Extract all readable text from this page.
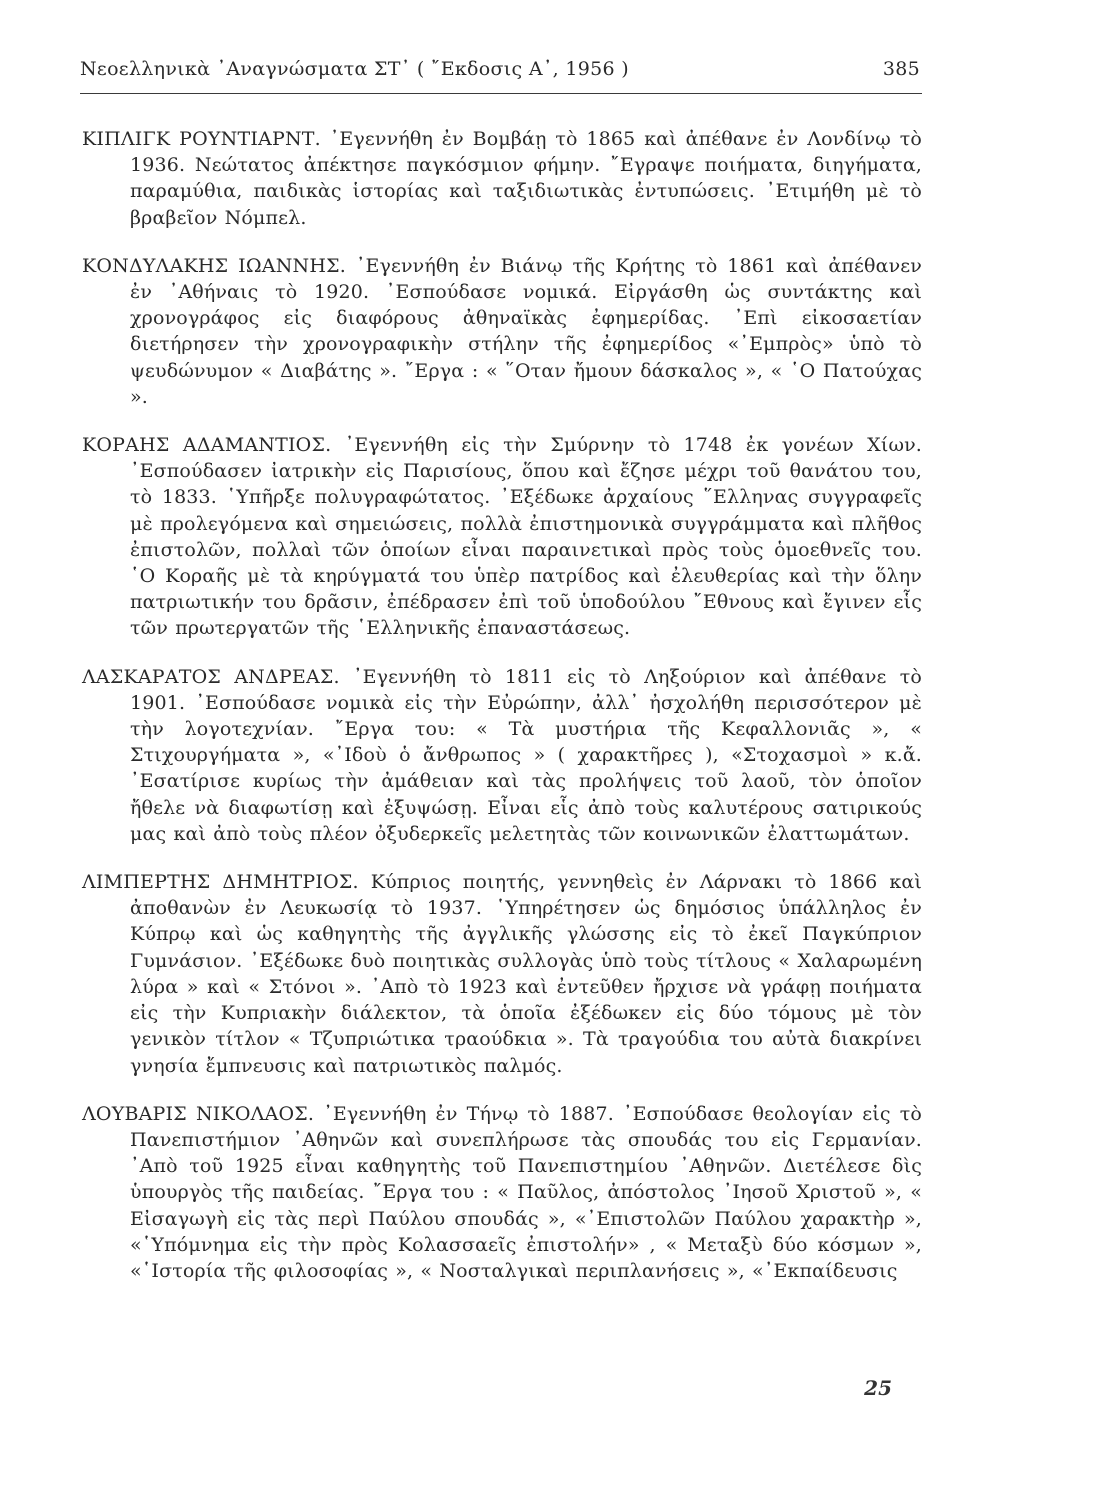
Νεοελληνικὰ ᾿Αναγνώσματα ΣΤ᾿ ( ῎Εκδοσις Α᾿, 1956 )	385

ΚΙΠΛΙΓΚ ΡΟΥΝΤΙΑΡΝΤ. ᾿Εγεννήθη ἐν Βομβάῃ τὸ 1865 καὶ ἀπέθανε ἐν Λονδίνῳ τὸ 1936. Νεώτατος ἀπέκτησε παγκόσμιον φήμην. ῎Εγραψε ποιήματα, διηγήματα, παραμύθια, παιδικὰς ἱστορίας καὶ ταξιδιωτικὰς ἐντυπώσεις. ᾿Ετιμήθη μὲ τὸ βραβεῖον Νόμπελ.

ΚΟΝΔΥΛΑΚΗΣ ΙΩΑΝΝΗΣ. ᾿Εγεννήθη ἐν Βιάνῳ τῆς Κρήτης τὸ 1861 καὶ ἀπέθανεν ἐν ᾿Αθήναις τὸ 1920. ᾿Εσπούδασε νομικά. Εἰργάσθη ὡς συντάκτης καὶ χρονογράφος εἰς διαφόρους ἀθηναϊκὰς ἐφημερίδας. ᾿Επὶ εἰκοσαετίαν διετήρησεν τὴν χρονογραφικὴν στήλην τῆς ἐφημερίδος «᾿Εμπρὸς» ὑπὸ τὸ ψευδώνυμον « Διαβάτης ». ῎Εργα : « ῞Οταν ἤμουν δάσκαλος », « ῾Ο Πατούχας ».

ΚΟΡΑΗΣ ΑΔΑΜΑΝΤΙΟΣ. ᾿Εγεννήθη εἰς τὴν Σμύρνην τὸ 1748 ἐκ γονέων Χίων. ᾿Εσπούδασεν ἰατρικὴν εἰς Παρισίους, ὅπου καὶ ἔζησε μέχρι τοῦ θανάτου του, τὸ 1833. ῾Υπῆρξε πολυγραφώτατος. ᾿Εξέδωκε ἀρχαίους ῞Ελληνας συγγραφεῖς μὲ προλεγόμενα καὶ σημειώσεις, πολλὰ ἐπιστημονικὰ συγγράμματα καὶ πλῆθος ἐπιστολῶν, πολλαὶ τῶν ὁποίων εἶναι παραινετικαὶ πρὸς τοὺς ὁμοεθνεῖς του. ῾Ο Κοραῆς μὲ τὰ κηρύγματά του ὑπὲρ πατρίδος καὶ ἐλευθερίας καὶ τὴν ὅλην πατριωτικήν του δρᾶσιν, ἐπέδρασεν ἐπὶ τοῦ ὑποδούλου ῎Εθνους καὶ ἔγινεν εἷς τῶν πρωτεργατῶν τῆς ῾Ελληνικῆς ἐπαναστάσεως.

ΛΑΣΚΑΡΑΤΟΣ ΑΝΔΡΕΑΣ. ᾿Εγεννήθη τὸ 1811 εἰς τὸ Ληξούριον καὶ ἀπέθανε τὸ 1901. ᾿Εσπούδασε νομικὰ εἰς τὴν Εὐρώπην, ἀλλ᾿ ἠσχολήθη περισσότερον μὲ τὴν λογοτεχνίαν. ῎Εργα του: « Τὰ μυστήρια τῆς Κεφαλλονιᾶς », « Στιχουργήματα », «᾿Ιδοὺ ὁ ἄνθρωπος » ( χαρακτῆρες ), «Στοχασμοὶ » κ.ἄ. ᾿Εσατίρισε κυρίως τὴν ἀμάθειαν καὶ τὰς προλήψεις τοῦ λαοῦ, τὸν ὁποῖον ἤθελε νὰ διαφωτίσῃ καὶ ἐξυψώσῃ. Εἶναι εἷς ἀπὸ τοὺς καλυτέρους σατιρικούς μας καὶ ἀπὸ τοὺς πλέον ὀξυδερκεῖς μελετητὰς τῶν κοινωνικῶν ἐλαττωμάτων.

ΛΙΜΠΕΡΤΗΣ ΔΗΜΗΤΡΙΟΣ. Κύπριος ποιητής, γεννηθεὶς ἐν Λάρνακι τὸ 1866 καὶ ἀποθανὼν ἐν Λευκωσίᾳ τὸ 1937. ῾Υπηρέτησεν ὡς δημόσιος ὑπάλληλος ἐν Κύπρῳ καὶ ὡς καθηγητὴς τῆς ἀγγλικῆς γλώσσης εἰς τὸ ἐκεῖ Παγκύπριον Γυμνάσιον. ᾿Εξέδωκε δυὸ ποιητικὰς συλλογὰς ὑπὸ τοὺς τίτλους « Χαλαρωμένη λύρα » καὶ « Στόνοι ». ᾿Απὸ τὸ 1923 καὶ ἐντεῦθεν ἤρχισε νὰ γράφῃ ποιήματα εἰς τὴν Κυπριακὴν διάλεκτον, τὰ ὁποῖα ἐξέδωκεν εἰς δύο τόμους μὲ τὸν γενικὸν τίτλον « Τζυπριώτικα τραούδκια ». Τὰ τραγούδια του αὐτὰ διακρίνει γνησία ἔμπνευσις καὶ πατριωτικὸς παλμός.

ΛΟΥΒΑΡΙΣ ΝΙΚΟΛΑΟΣ. ᾿Εγεννήθη ἐν Τήνῳ τὸ 1887. ᾿Εσπούδασε θεολογίαν εἰς τὸ Πανεπιστήμιον ᾿Αθηνῶν καὶ συνεπλήρωσε τὰς σπουδάς του εἰς Γερμανίαν. ᾿Απὸ τοῦ 1925 εἶναι καθηγητὴς τοῦ Πανεπιστημίου ᾿Αθηνῶν. Διετέλεσε δὶς ὑπουργὸς τῆς παιδείας. ῎Εργα του : « Παῦλος, ἀπόστολος ᾿Ιησοῦ Χριστοῦ », « Εἰσαγωγὴ εἰς τὰς περὶ Παύλου σπουδάς », «᾿Επιστολῶν Παύλου χαρακτὴρ », «῾Υπόμνημα εἰς τὴν πρὸς Κολασσαεῖς ἐπιστολήν» , « Μεταξὺ δύο κόσμων », «῾Ιστορία τῆς φιλοσοφίας », « Νοσταλγικαὶ περιπλανήσεις », «᾿Εκπαίδευσις

25
